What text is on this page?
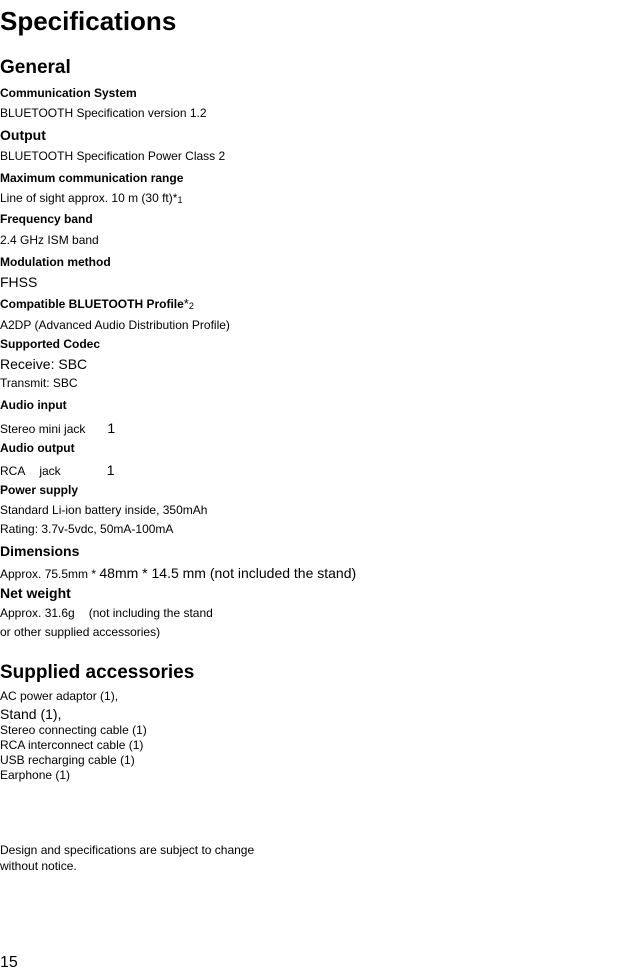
Specifications
General
Communication System
BLUETOOTH Specification version 1.2
Output
BLUETOOTH Specification Power Class 2
Maximum communication range
Line of sight approx. 10 m (30 ft)*1
Frequency band
2.4 GHz ISM band
Modulation method
FHSS
Compatible BLUETOOTH Profile*2
A2DP (Advanced Audio Distribution Profile)
Supported Codec
Receive: SBC
Transmit: SBC
Audio input
Stereo mini jack 1
Audio output
RCA jack	1
Power supply
Standard Li-ion battery inside, 350mAh
Rating: 3.7v-5vdc, 50mA-100mA
Dimensions
Approx. 75.5mm * 48mm * 14.5 mm (not included the stand)
Net weight
Approx. 31.6g (not including the stand
or other supplied accessories)
Supplied accessories
AC power adaptor (1),
Stand (1),
Stereo connecting cable (1)
RCA interconnect cable (1)
USB recharging cable (1)
Earphone (1)
Design and specifications are subject to change
without notice.
15
